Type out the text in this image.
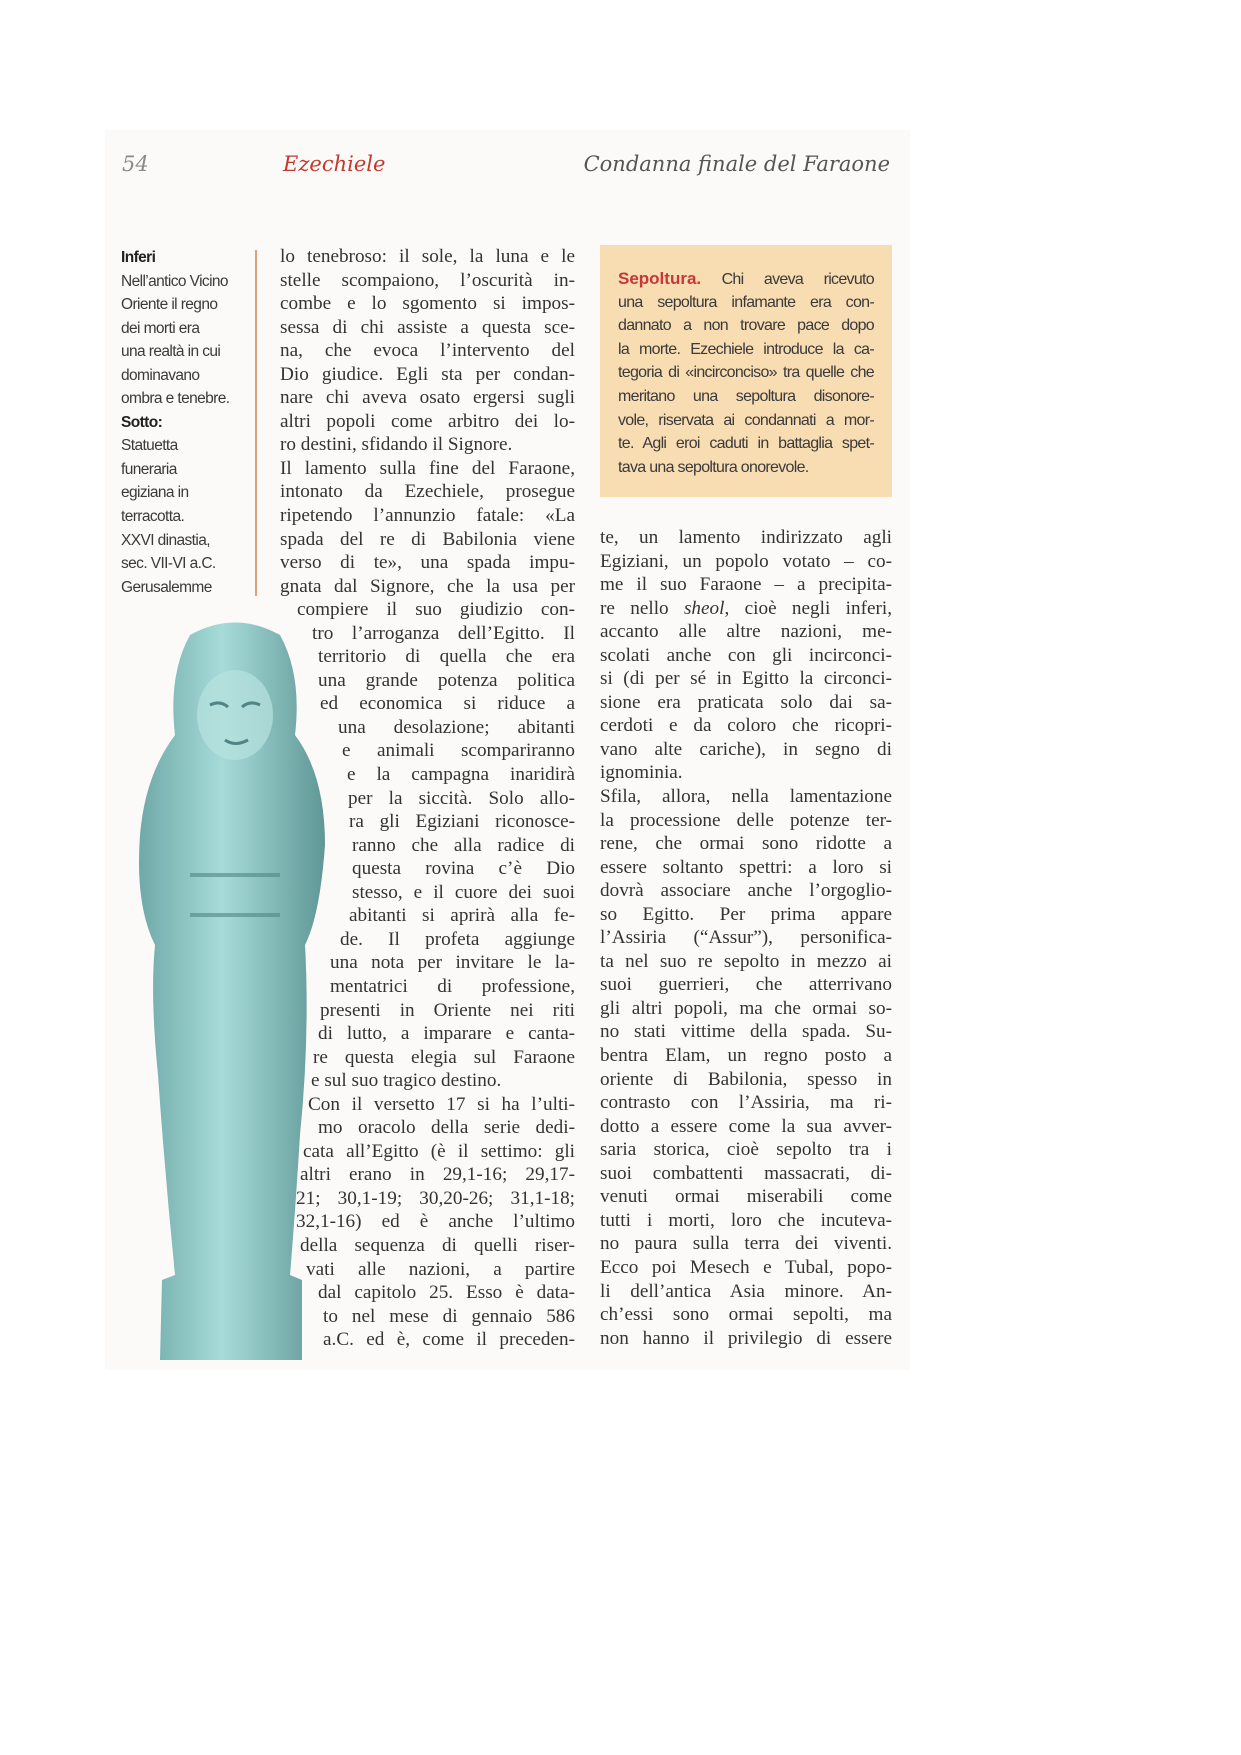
54	Ezechiele	Condanna finale del Faraone
Inferi
Nell’antico Vicino
Oriente il regno
dei morti era
una realtà in cui
dominavano
ombra e tenebre.
Sotto:
Statuetta
funeraria
egiziana in
terracotta.
XXVI dinastia,
sec. VII-VI a.C.
Gerusalemme
Sepoltura. Chi aveva ricevuto
una sepoltura infamante era con-
dannato a non trovare pace dopo
la morte. Ezechiele introduce la ca-
tegoria di «incirconciso» tra quelle che
meritano una sepoltura disonore-
vole, riservata ai condannati a mor-
te. Agli eroi caduti in battaglia spet-
tava una sepoltura onorevole.
lo tenebroso: il sole, la luna e le
stelle scompaiono, l’oscurità in-
combe e lo sgomento si impos-
sessa di chi assiste a questa sce-
na, che evoca l’intervento del
Dio giudice. Egli sta per condan-
nare chi aveva osato ergersi sugli
altri popoli come arbitro dei lo-
ro destini, sfidando il Signore.
Il lamento sulla fine del Faraone,
intonato da Ezechiele, prosegue
ripetendo l’annunzio fatale: «La
spada del re di Babilonia viene
verso di te», una spada impu-
gnata dal Signore, che la usa per
compiere il suo giudizio con-
tro l’arroganza dell’Egitto. Il
territorio di quella che era
una grande potenza politica
ed economica si riduce a
una desolazione; abitanti
e animali scompariranno
e la campagna inaridirà
per la siccità. Solo allo-
ra gli Egiziani riconosce-
ranno che alla radice di
questa rovina c’è Dio
stesso, e il cuore dei suoi
abitanti si aprirà alla fe-
de. Il profeta aggiunge
una nota per invitare le la-
mentatrici di professione,
presenti in Oriente nei riti
di lutto, a imparare e canta-
re questa elegia sul Faraone
e sul suo tragico destino.
Con il versetto 17 si ha l’ulti-
mo oracolo della serie dedi-
cata all’Egitto (è il settimo: gli
altri erano in 29,1-16; 29,17-
21; 30,1-19; 30,20-26; 31,1-18;
32,1-16) ed è anche l’ultimo
della sequenza di quelli riser-
vati alle nazioni, a partire
dal capitolo 25. Esso è data-
to nel mese di gennaio 586
a.C. ed è, come il preceden-
te, un lamento indirizzato agli
Egiziani, un popolo votato – co-
me il suo Faraone – a precipita-
re nello sheol, cioè negli inferi,
accanto alle altre nazioni, me-
scolati anche con gli incirconci-
si (di per sé in Egitto la circonci-
sione era praticata solo dai sa-
cerdoti e da coloro che ricopri-
vano alte cariche), in segno di
ignominia.
Sfila, allora, nella lamentazione
la processione delle potenze ter-
rene, che ormai sono ridotte a
essere soltanto spettri: a loro si
dovrà associare anche l’orgoglio-
so Egitto. Per prima appare
l’Assiria (“Assur”), personifica-
ta nel suo re sepolto in mezzo ai
suoi guerrieri, che atterrivano
gli altri popoli, ma che ormai so-
no stati vittime della spada. Su-
bentra Elam, un regno posto a
oriente di Babilonia, spesso in
contrasto con l’Assiria, ma ri-
dotto a essere come la sua avver-
saria storica, cioè sepolto tra i
suoi combattenti massacrati, di-
venuti ormai miserabili come
tutti i morti, loro che incuteva-
no paura sulla terra dei viventi.
Ecco poi Mesech e Tubal, popo-
li dell’antica Asia minore. An-
ch’essi sono ormai sepolti, ma
non hanno il privilegio di essere
